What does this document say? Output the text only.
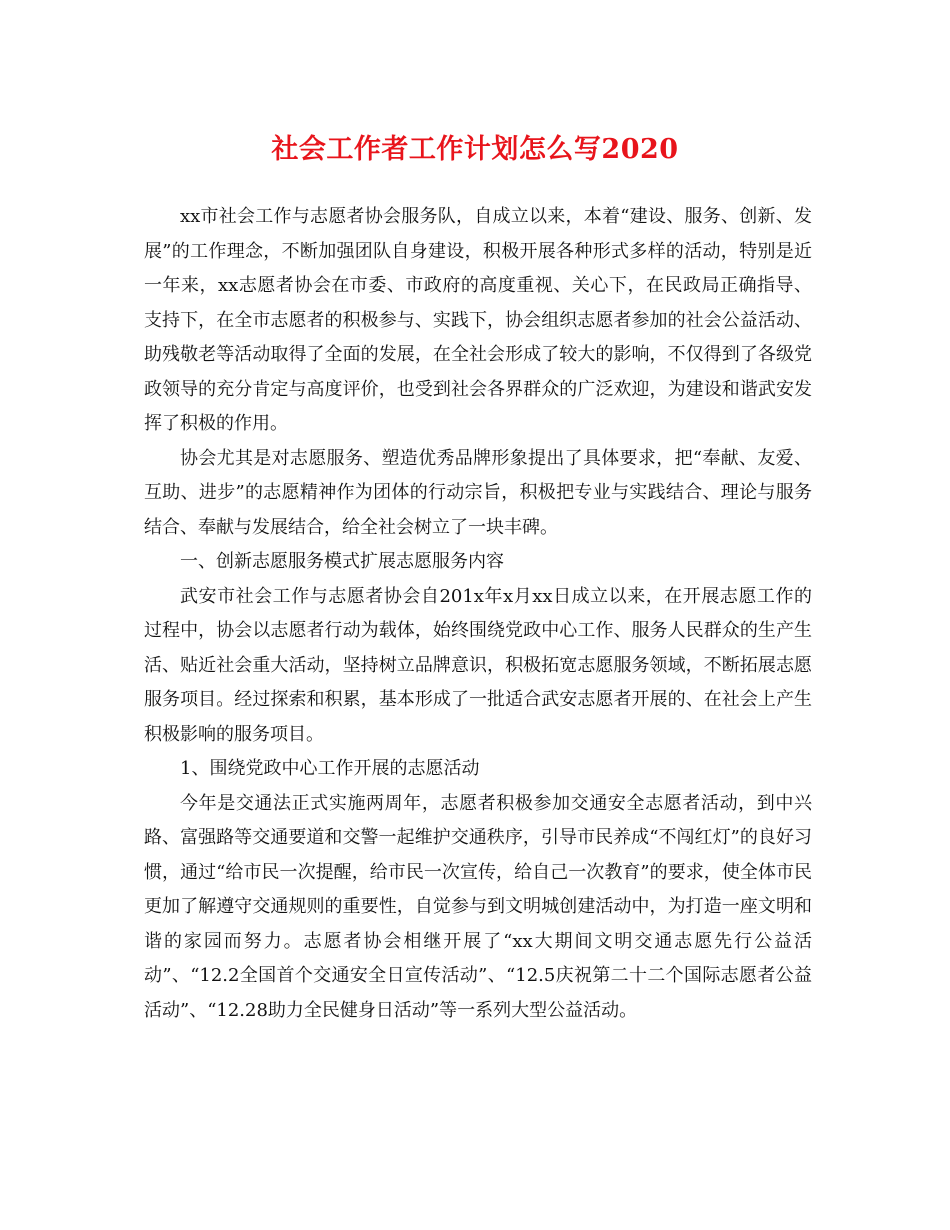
社会工作者工作计划怎么写2020

xx市社会工作与志愿者协会服务队，自成立以来，本着“建设、服务、创新、发展”的工作理念，不断加强团队自身建设，积极开展各种形式多样的活动，特别是近一年来，xx志愿者协会在市委、市政府的高度重视、关心下，在民政局正确指导、支持下，在全市志愿者的积极参与、实践下，协会组织志愿者参加的社会公益活动、助残敬老等活动取得了全面的发展，在全社会形成了较大的影响，不仅得到了各级党政领导的充分肯定与高度评价，也受到社会各界群众的广泛欢迎，为建设和谐武安发挥了积极的作用。

协会尤其是对志愿服务、塑造优秀品牌形象提出了具体要求，把“奉献、友爱、互助、进步”的志愿精神作为团体的行动宗旨，积极把专业与实践结合、理论与服务结合、奉献与发展结合，给全社会树立了一块丰碑。

一、创新志愿服务模式扩展志愿服务内容

武安市社会工作与志愿者协会自201x年x月xx日成立以来，在开展志愿工作的过程中，协会以志愿者行动为载体，始终围绕党政中心工作、服务人民群众的生产生活、贴近社会重大活动，坚持树立品牌意识，积极拓宽志愿服务领域，不断拓展志愿服务项目。经过探索和积累，基本形成了一批适合武安志愿者开展的、在社会上产生积极影响的服务项目。

1、围绕党政中心工作开展的志愿活动

今年是交通法正式实施两周年，志愿者积极参加交通安全志愿者活动，到中兴路、富强路等交通要道和交警一起维护交通秩序，引导市民养成“不闯红灯”的良好习惯，通过“给市民一次提醒，给市民一次宣传，给自己一次教育”的要求，使全体市民更加了解遵守交通规则的重要性，自觉参与到文明城创建活动中，为打造一座文明和谐的家园而努力。志愿者协会相继开展了“xx大期间文明交通志愿先行公益活动”、“12.2全国首个交通安全日宣传活动”、“12.5庆祝第二十二个国际志愿者公益活动”、“12.28助力全民健身日活动”等一系列大型公益活动。
